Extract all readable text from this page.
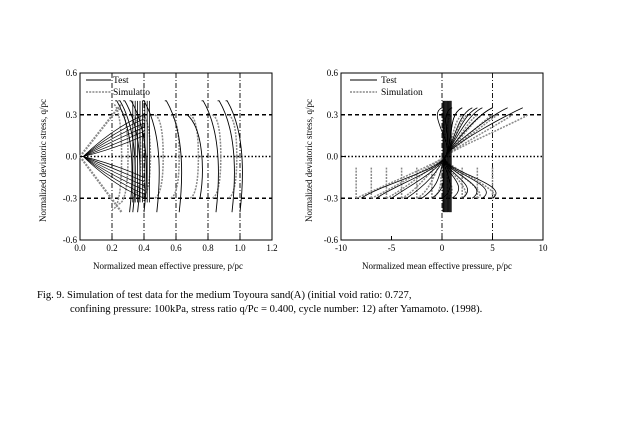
0.0 0.2 0.4 0.6 0.8 1.0 1.2
0.6
0.3
0.0
-0.3
-0.6
Test
Simulatio
Normalized deviatoric stress, q/pc
Normalized mean effective pressure, p/pc
-10	-5	0	5	10
0.6
0.3
0.0
-0.3
-0.6
Test
Simulation
Normalized deviatoric stress, q/pc
Normalized mean effective pressure, p/pc
Fig. 9. Simulation of test data for the medium Toyoura sand(A) (initial void ratio: 0.727,
confining pressure: 100kPa, stress ratio q/Pc = 0.400, cycle number: 12) after Yamamoto. (1998).
